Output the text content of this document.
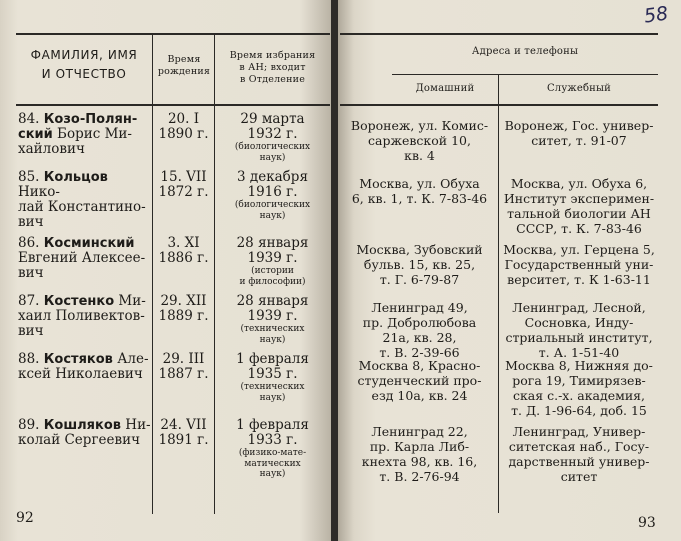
ФАМИЛИЯ, ИМЯ
И ОТЧЕСТВО
Время
рождения
Время избрания
в АН; входит
в Отделение
Адреса и телефоны
Домашний	Служебный
84. Козо-Полян-
ский Борис Ми-
хайлович
20. I
1890 г.
29 марта
1932 г.
(биологических
наук)
Воронеж, ул. Комис-
саржевской 10,
кв. 4
Воронеж, Гос. универ-
ситет, т. 91-07
85. Кольцов Нико-
лай Константино-
вич
15. VII
1872 г.
3 декабря
1916 г.
(биологических
наук)
Москва, ул. Обуха
6, кв. 1, т. К. 7-83-46
Москва, ул. Обуха 6,
Институт эксперимен-
тальной биологии АН
СССР, т. К. 7-83-46
86. Косминский
Евгений Алексее-
вич
3. XI
1886 г.
28 января
1939 г.
(истории
и философии)
Москва, Зубовский
бульв. 15, кв. 25,
т. Г. 6-79-87
Москва, ул. Герцена 5,
Государственный уни-
верситет, т. К 1-63-11
87. Костенко Ми-
хаил Поливектов-
вич
29. XII
1889 г.
28 января
1939 г.
(технических
наук)
Ленинград 49,
пр. Добролюбова
21а, кв. 28,
т. В. 2-39-66
Ленинград, Лесной,
Сосновка, Инду-
стриальный институт,
т. А. 1-51-40
88. Костяков Але-
ксей Николаевич
29. III
1887 г.
1 февраля
1935 г.
(технических
наук)
Москва 8, Красно-
студенческий про-
езд 10а, кв. 24
Москва 8, Нижняя до-
рога 19, Тимирязев-
ская с.-х. академия,
т. Д. 1-96-64, доб. 15
89. Кошляков Ни-
колай Сергеевич
24. VII
1891 г.
1 февраля
1933 г.
(физико-мате-
матических
наук)
Ленинград 22,
пр. Карла Либ-
кнехта 98, кв. 16,
т. В. 2-76-94
Ленинград, Универ-
ситетская наб., Госу-
дарственный универ-
ситет
92	93
58
